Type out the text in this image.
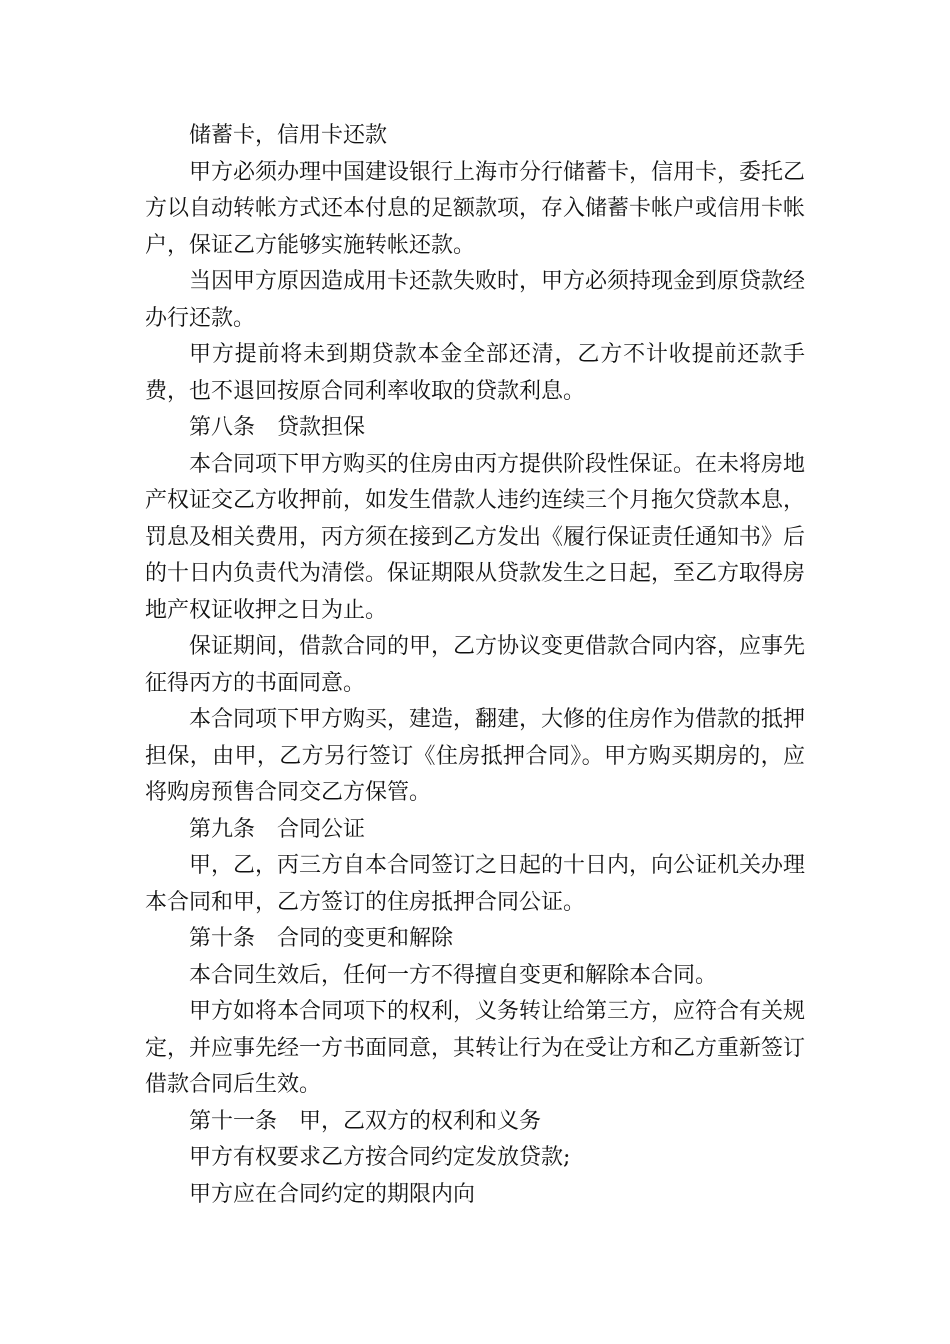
储蓄卡，信用卡还款

甲方必须办理中国建设银行上海市分行储蓄卡，信用卡，委托乙方以自动转帐方式还本付息的足额款项，存入储蓄卡帐户或信用卡帐户，保证乙方能够实施转帐还款。

当因甲方原因造成用卡还款失败时，甲方必须持现金到原贷款经办行还款。

甲方提前将未到期贷款本金全部还清，乙方不计收提前还款手费，也不退回按原合同利率收取的贷款利息。

第八条 贷款担保

本合同项下甲方购买的住房由丙方提供阶段性保证。在未将房地产权证交乙方收押前，如发生借款人违约连续三个月拖欠贷款本息，罚息及相关费用，丙方须在接到乙方发出《履行保证责任通知书》后的十日内负责代为清偿。保证期限从贷款发生之日起，至乙方取得房地产权证收押之日为止。

保证期间，借款合同的甲，乙方协议变更借款合同内容，应事先征得丙方的书面同意。

本合同项下甲方购买，建造，翻建，大修的住房作为借款的抵押担保，由甲，乙方另行签订《住房抵押合同》。甲方购买期房的，应将购房预售合同交乙方保管。

第九条 合同公证

甲，乙，丙三方自本合同签订之日起的十日内，向公证机关办理本合同和甲，乙方签订的住房抵押合同公证。

第十条 合同的变更和解除

本合同生效后，任何一方不得擅自变更和解除本合同。

甲方如将本合同项下的权利，义务转让给第三方，应符合有关规定，并应事先经一方书面同意，其转让行为在受让方和乙方重新签订借款合同后生效。

第十一条 甲，乙双方的权利和义务

甲方有权要求乙方按合同约定发放贷款;

甲方应在合同约定的期限内向
